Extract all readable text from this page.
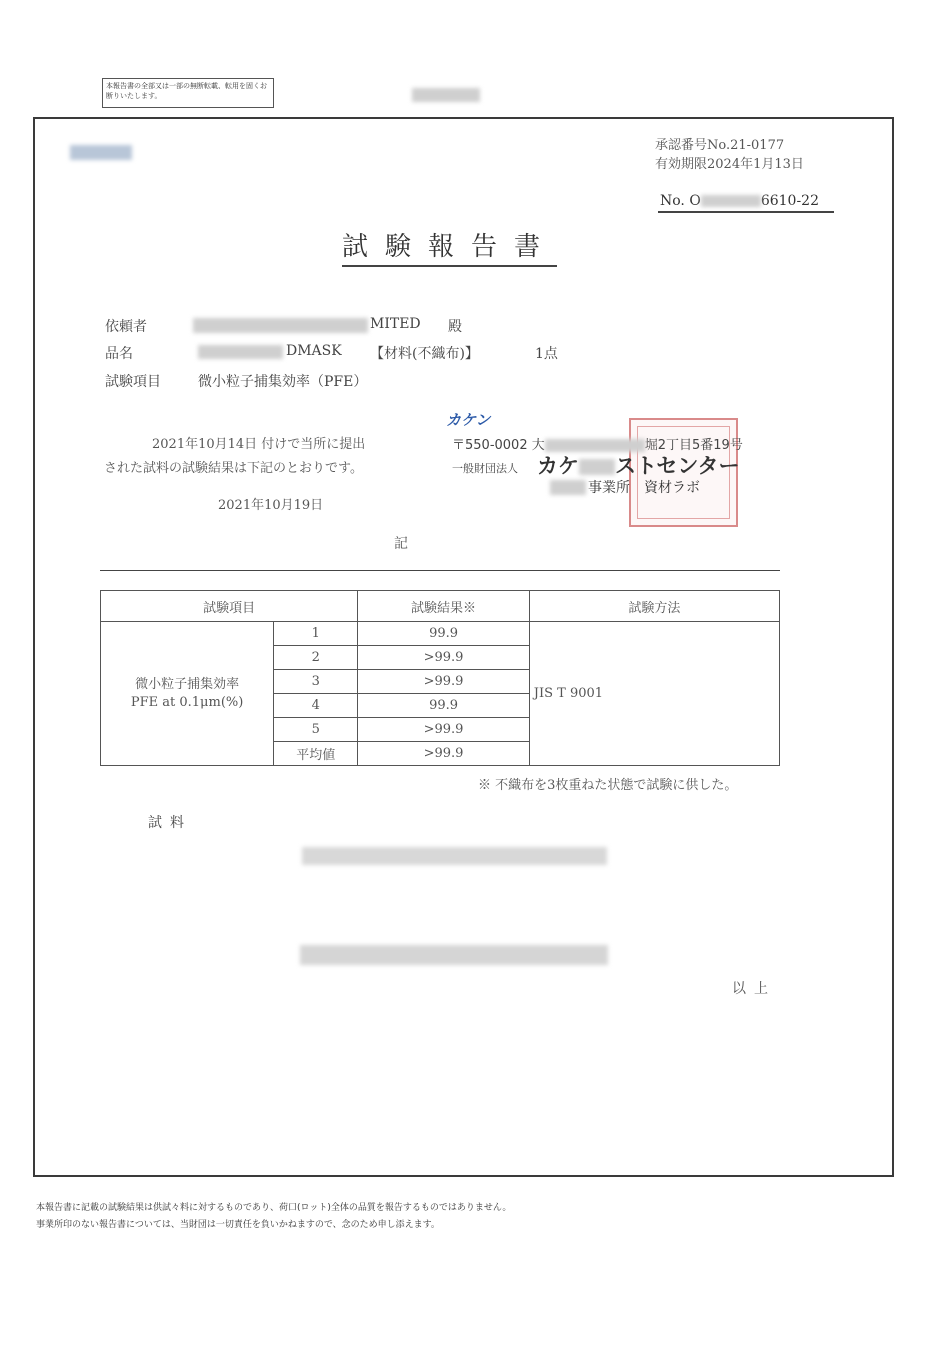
本報告書の全部又は一部の無断転載、転用を固くお断りいたします。
承認番号No.21-0177
有効期限2024年1月13日
No. O	6610-22
試験報告書
依頼者	MITED 殿
品名	DMASK 【材料(不織布)】	1点
試験項目	微小粒子捕集効率（PFE）
2021年10月14日 付けで当所に提出
された試料の試験結果は下記のとおりです。
2021年10月19日
カケン
〒550-0002 大	堀2丁目5番19号
一般財団法人 カケ ストセンター
事業所　資材ラボ
記
試験項目		試験結果※	試験方法

微小粒子捕集効率
PFE at 0.1μm(%)	1	99.9	JIS T 9001
	2	>99.9	
	3	>99.9	
	4	99.9	
	5	>99.9	
	平均値	>99.9	
※ 不織布を3枚重ねた状態で試験に供した。
試料
以上
本報告書に記載の試験結果は供試々料に対するものであり、荷口(ロット)全体の品質を報告するものではありません。
事業所印のない報告書については、当財団は一切責任を負いかねますので、念のため申し添えます。
